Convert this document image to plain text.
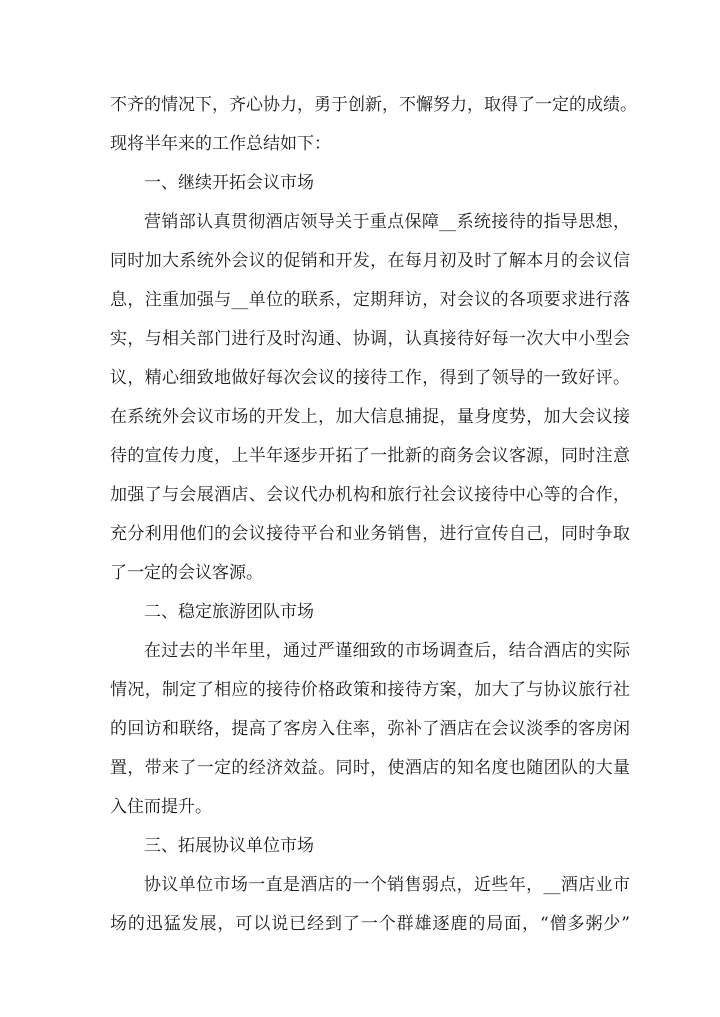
不齐的情况下，齐心协力，勇于创新，不懈努力，取得了一定的成绩。
现将半年来的工作总结如下：
一、继续开拓会议市场
营销部认真贯彻酒店领导关于重点保障__系统接待的指导思想，
同时加大系统外会议的促销和开发，在每月初及时了解本月的会议信
息，注重加强与__单位的联系，定期拜访，对会议的各项要求进行落
实，与相关部门进行及时沟通、协调，认真接待好每一次大中小型会
议，精心细致地做好每次会议的接待工作，得到了领导的一致好评。
在系统外会议市场的开发上，加大信息捕捉，量身度势，加大会议接
待的宣传力度，上半年逐步开拓了一批新的商务会议客源，同时注意
加强了与会展酒店、会议代办机构和旅行社会议接待中心等的合作，
充分利用他们的会议接待平台和业务销售，进行宣传自己，同时争取
了一定的会议客源。
二、稳定旅游团队市场
在过去的半年里，通过严谨细致的市场调查后，结合酒店的实际
情况，制定了相应的接待价格政策和接待方案，加大了与协议旅行社
的回访和联络，提高了客房入住率，弥补了酒店在会议淡季的客房闲
置，带来了一定的经济效益。同时，使酒店的知名度也随团队的大量
入住而提升。
三、拓展协议单位市场
协议单位市场一直是酒店的一个销售弱点，近些年，__酒店业市
场的迅猛发展，可以说已经到了一个群雄逐鹿的局面，“僧多粥少”
